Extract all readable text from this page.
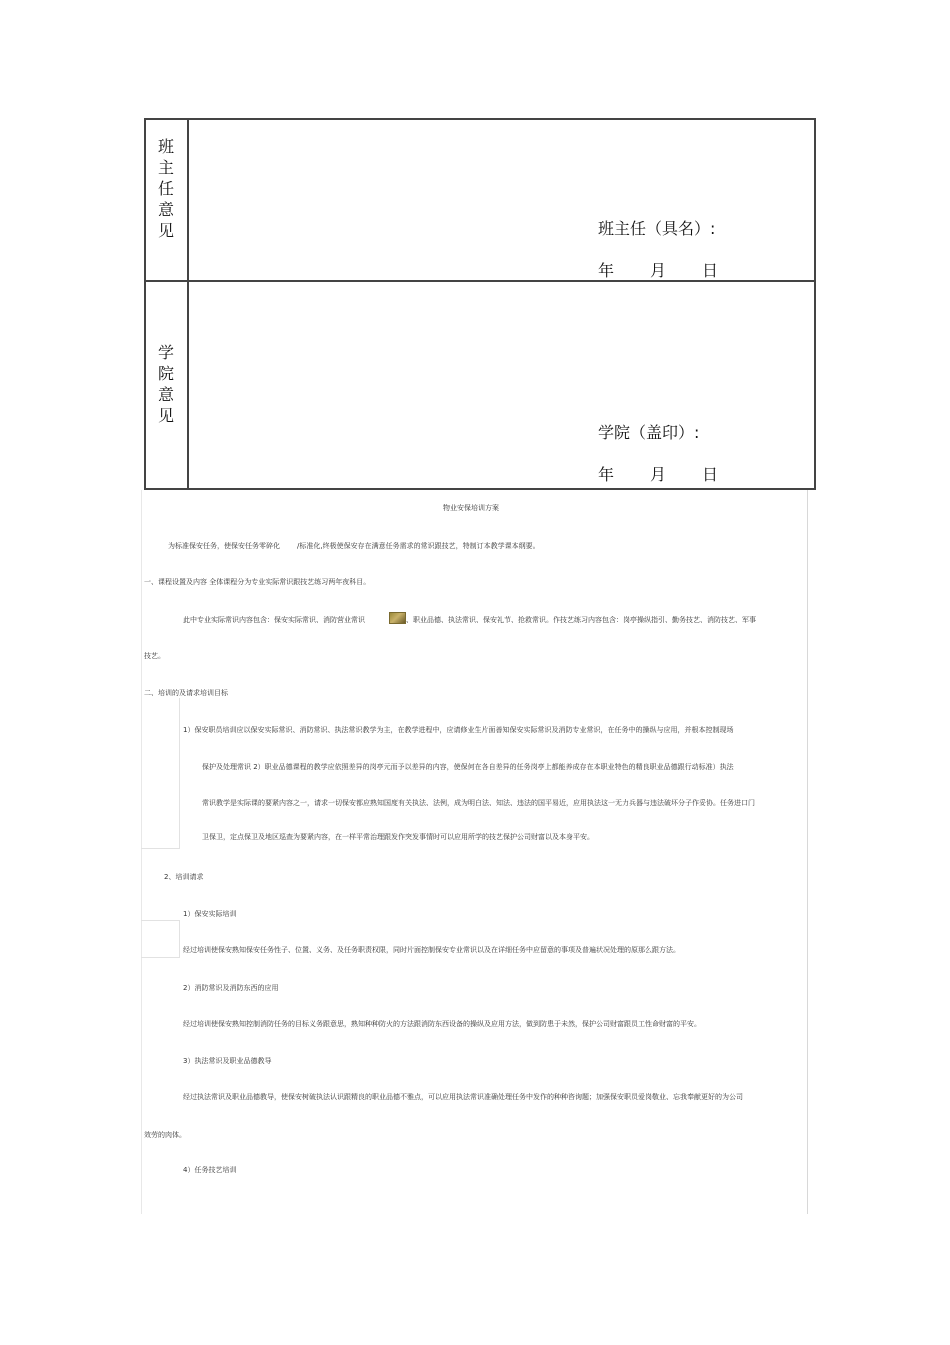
班
主
任
意
见	班主任（具名）:
年 月 日
学
院
意
见
学院（盖印）:
年 月 日
物业安保培训方案
为标准保安任务，使保安任务零碎化 /标准化,终极使保安存在满意任务需求的常识跟技艺，特制订本教学课本纲要。
一、课程设置及内容 全体课程分为专业实际常识跟技艺练习两年夜科目。
此中专业实际常识内容包含：保安实际常识、消防营业常识	、职业品德、执法常识、保安礼节、抢救常识。作技艺练习内容包含：岗亭操纵指引、勤务技艺、消防技艺、军事
技艺。
二、培训的及请求培训目标
1）保安职员培训应以保安实际常识、消防常识、执法常识教学为主，在教学进程中，应请修业生片面善知保安实际常识及消防专业常识，在任务中的操纵与应用，并根本控制现场
保护及处理常识 2）职业品德课程的教学应依照差异的岗亭元而予以差异的内容，使保何在各自差异的任务岗亭上都能养成存在本职业特色的精良职业品德跟行动标准）执法
常识教学是实际课的要紧内容之一，请求一切保安都应熟知国度有关执法、法例，成为明白法、知法、违法的国平易近，应用执法这一无力兵器与违法破坏分子作妥协。任务进口门
卫保卫，定点保卫及地区巡查为要紧内容，在一样平常治理跟发作突发事情时可以应用所学的技艺保护公司财富以及本身平安。
2、培训请求
1）保安实际培训
经过培训使保安熟知保安任务性子、位置、义务、及任务职责权限，同时片面控制保安专业常识以及在详细任务中应留意的事项及普遍状况处理的原那么跟方法。
2）消防常识及消防东西的应用
经过培训使保安熟知控制消防任务的目标义务跟意思，熟知种种防火的方法跟消防东西设备的操纵及应用方法，做到防患于未然，保护公司财富跟员工性命财富的平安。
3）执法常识及职业品德教导
经过执法常识及职业品德教导，使保安树破执法认识跟精良的职业品德不雅点，可以应用执法常识准确处理任务中发作的种种咨询题；加强保安职员爱岗敬业、忘我奉献更好的为公司
效劳的肉体。
4）任务技艺培训
